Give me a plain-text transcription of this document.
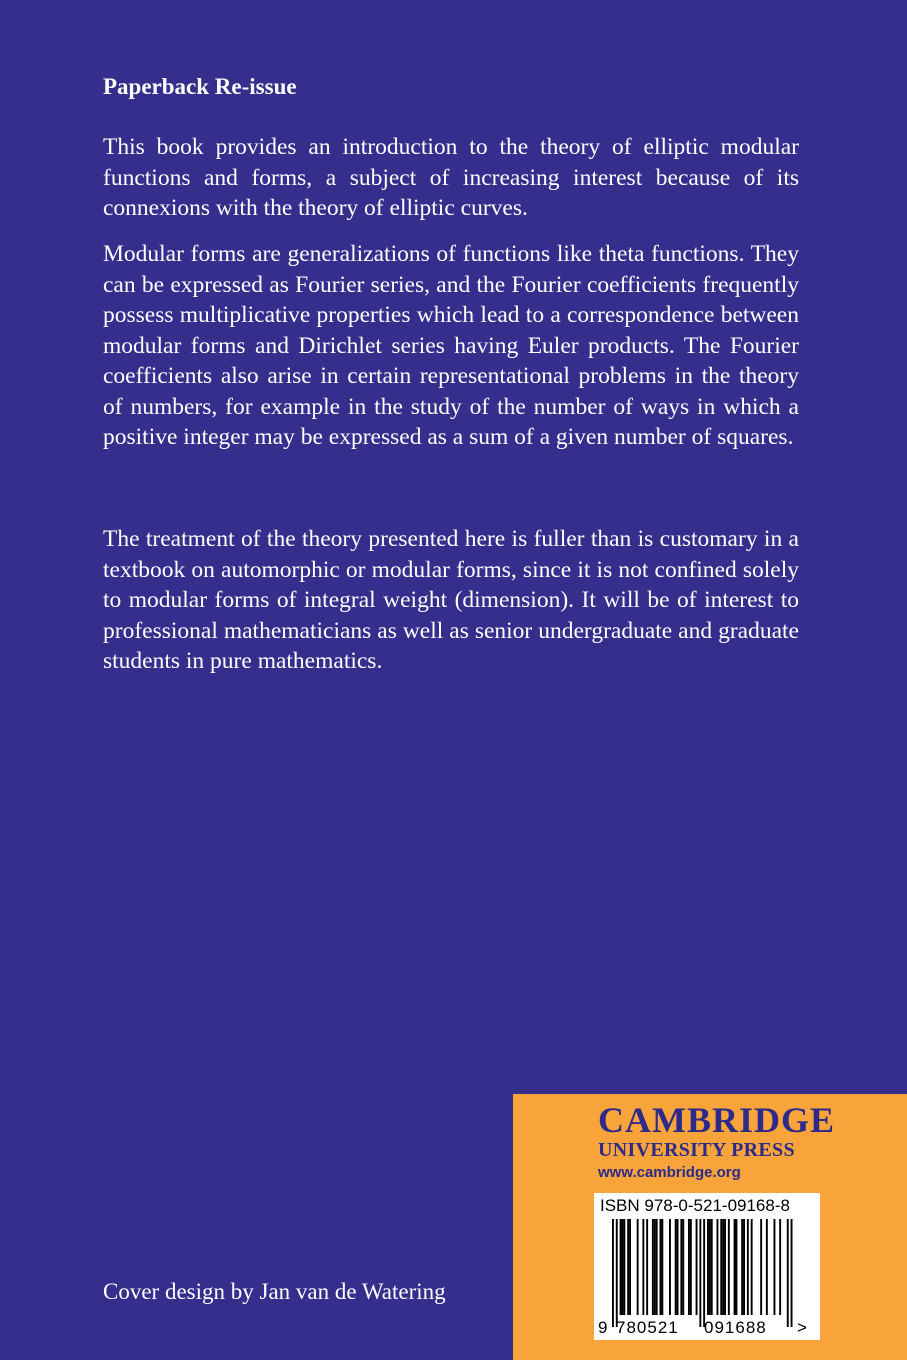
Paperback Re-issue

This book provides an introduction to the theory of elliptic modular functions and forms, a subject of increasing interest because of its connexions with the theory of elliptic curves.

Modular forms are generalizations of functions like theta functions. They can be expressed as Fourier series, and the Fourier coefficients frequently possess multiplicative properties which lead to a correspondence between modular forms and Dirichlet series having Euler products. The Fourier coefficients also arise in certain representational problems in the theory of numbers, for example in the study of the number of ways in which a positive integer may be expressed as a sum of a given number of squares.

The treatment of the theory presented here is fuller than is customary in a textbook on automorphic or modular forms, since it is not confined solely to modular forms of integral weight (dimension). It will be of interest to professional mathematicians as well as senior undergraduate and graduate students in pure mathematics.

Cover design by Jan van de Watering
CAMBRIDGE
UNIVERSITY PRESS
www.cambridge.org
ISBN 978-0-521-09168-8
9 780521 091688 >
